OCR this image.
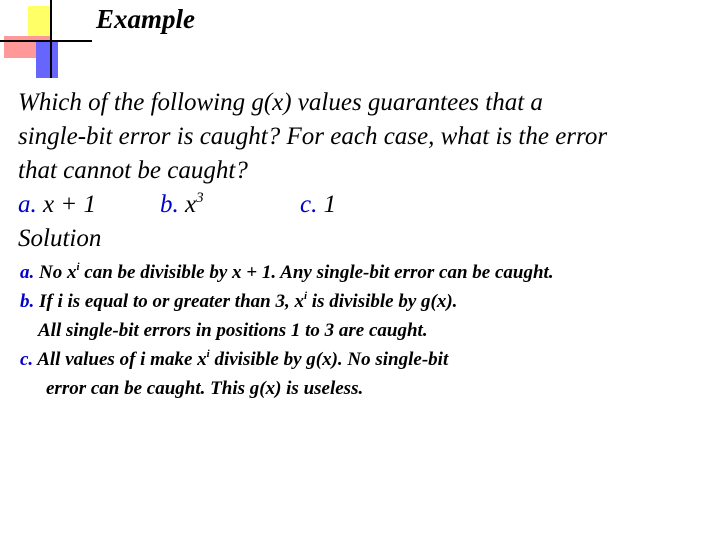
Example
Which of the following g(x) values guarantees that a
single-bit error is caught? For each case, what is the error
that cannot be caught?
a. x + 1	b. $x^3$	c. 1
Solution
a. No $x^i$ can be divisible by x + 1. Any single-bit error can be caught.
b. If i is equal to or greater than 3, $x^i$ is divisible by g(x).
All single-bit errors in positions 1 to 3 are caught.
c. All values of i make $x^i$ divisible by g(x). No single-bit
error can be caught. This g(x) is useless.
